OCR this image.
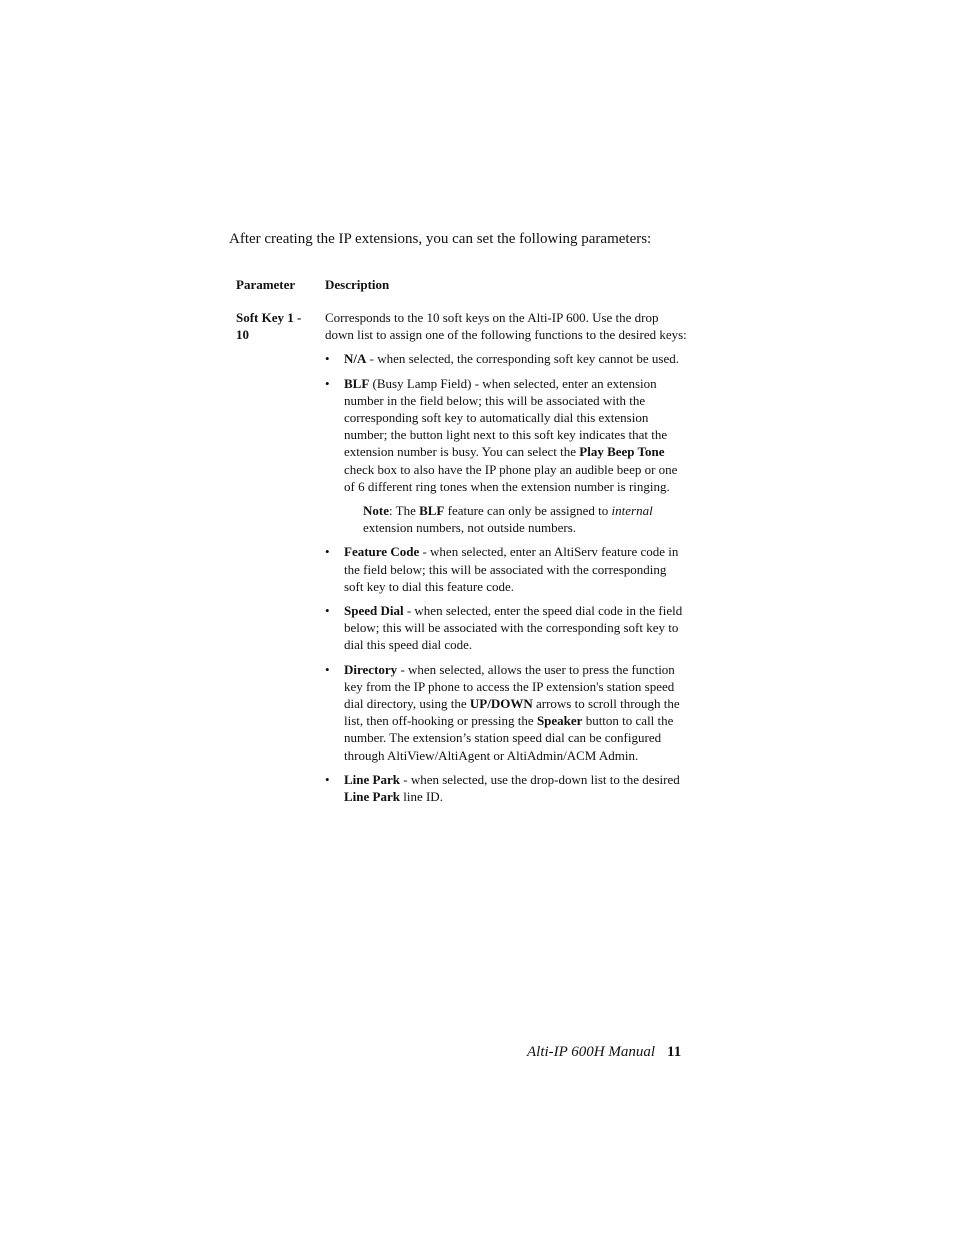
After creating the IP extensions, you can set the following parameters:

Parameter Description
Soft Key 1 -
10

Corresponds to the 10 soft keys on the Alti-IP 600. Use the drop down list to assign one of the following functions to the desired keys:

• N/A - when selected, the corresponding soft key cannot be used.
• BLF (Busy Lamp Field) - when selected, enter an extension number in the field below; this will be associated with the corresponding soft key to automatically dial this extension number; the button light next to this soft key indicates that the extension number is busy. You can select the Play Beep Tone check box to also have the IP phone play an audible beep or one of 6 different ring tones when the extension number is ringing.

Note: The BLF feature can only be assigned to internal extension numbers, not outside numbers.

• Feature Code - when selected, enter an AltiServ feature code in the field below; this will be associated with the corresponding soft key to dial this feature code.
• Speed Dial - when selected, enter the speed dial code in the field below; this will be associated with the corresponding soft key to dial this speed dial code.
• Directory - when selected, allows the user to press the function key from the IP phone to access the IP extension's station speed dial directory, using the UP/DOWN arrows to scroll through the list, then off-hooking or pressing the Speaker button to call the number. The extension’s station speed dial can be configured through AltiView/AltiAgent or AltiAdmin/ACM Admin.
• Line Park - when selected, use the drop-down list to the desired Line Park line ID.
Alti-IP 600H Manual 11
